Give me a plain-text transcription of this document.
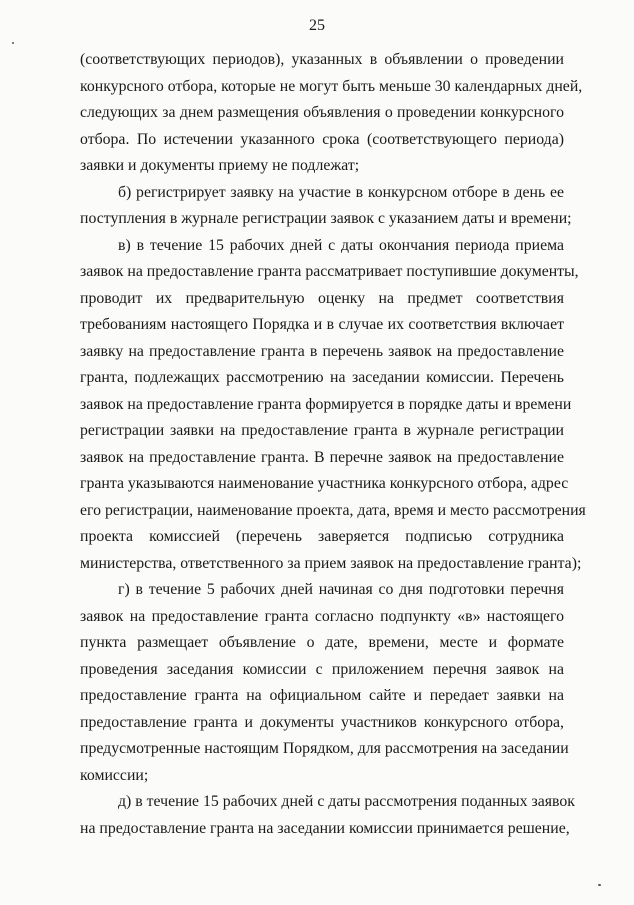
25
(соответствующих периодов), указанных в объявлении о проведении
конкурсного отбора, которые не могут быть меньше 30 календарных дней,
следующих за днем размещения объявления о проведении конкурсного
отбора. По истечении указанного срока (соответствующего периода)
заявки и документы приему не подлежат;
б) регистрирует заявку на участие в конкурсном отборе в день ее
поступления в журнале регистрации заявок с указанием даты и времени;
в) в течение 15 рабочих дней с даты окончания периода приема
заявок на предоставление гранта рассматривает поступившие документы,
проводит их предварительную оценку на предмет соответствия
требованиям настоящего Порядка и в случае их соответствия включает
заявку на предоставление гранта в перечень заявок на предоставление
гранта, подлежащих рассмотрению на заседании комиссии. Перечень
заявок на предоставление гранта формируется в порядке даты и времени
регистрации заявки на предоставление гранта в журнале регистрации
заявок на предоставление гранта. В перечне заявок на предоставление
гранта указываются наименование участника конкурсного отбора, адрес
его регистрации, наименование проекта, дата, время и место рассмотрения
проекта комиссией (перечень заверяется подписью сотрудника
министерства, ответственного за прием заявок на предоставление гранта);
г) в течение 5 рабочих дней начиная со дня подготовки перечня
заявок на предоставление гранта согласно подпункту «в» настоящего
пункта размещает объявление о дате, времени, месте и формате
проведения заседания комиссии с приложением перечня заявок на
предоставление гранта на официальном сайте и передает заявки на
предоставление гранта и документы участников конкурсного отбора,
предусмотренные настоящим Порядком, для рассмотрения на заседании
комиссии;
д) в течение 15 рабочих дней с даты рассмотрения поданных заявок
на предоставление гранта на заседании комиссии принимается решение,
